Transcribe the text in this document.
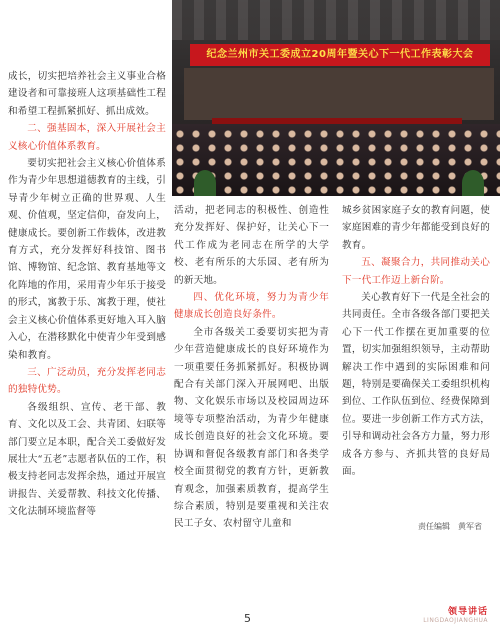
纪念兰州市关工委成立20周年暨关心下一代工作表彰大会

成长，切实把培养社会主义事业合格建设者和可靠接班人这项基础性工程和希望工程抓紧抓好、抓出成效。

二、强基固本，深入开展社会主义核心价值体系教育。

要切实把社会主义核心价值体系作为青少年思想道德教育的主线，引导青少年树立正确的世界观、人生观、价值观，坚定信仰，奋发向上，健康成长。要创新工作载体，改进教育方式，充分发挥好科技馆、图书馆、博物馆、纪念馆、教育基地等文化阵地的作用，采用青少年乐于接受的形式，寓教于乐、寓教于理，使社会主义核心价值体系更好地入耳入脑入心，在潜移默化中使青少年受到感染和教育。

三、广泛动员，充分发挥老同志的独特优势。

各级组织、宣传、老干部、教育、文化以及工会、共青团、妇联等部门要立足本职，配合关工委做好发展壮大“五老”志愿者队伍的工作，积极支持老同志发挥余热，通过开展宣讲报告、关爱帮教、科技文化传播、文化法制环境监督等

活动，把老同志的积极性、创造性充分发挥好、保护好，让关心下一代工作成为老同志在所学的大学校、老有所乐的大乐园、老有所为的新天地。

四、优化环境，努力为青少年健康成长创造良好条件。

全市各级关工委要切实把为青少年营造健康成长的良好环境作为一项重要任务抓紧抓好。积极协调配合有关部门深入开展网吧、出版物、文化娱乐市场以及校园周边环境等专项整治活动，为青少年健康成长创造良好的社会文化环境。要协调和督促各级教育部门和各类学校全面贯彻党的教育方针，更新教育观念，加强素质教育，提高学生综合素质，特别是要重视和关注农民工子女、农村留守儿童和

城乡贫困家庭子女的教育问题，使家庭困难的青少年都能受到良好的教育。

五、凝聚合力，共同推动关心下一代工作迈上新台阶。

关心教育好下一代是全社会的共同责任。全市各级各部门要把关心下一代工作摆在更加重要的位置，切实加强组织领导，主动帮助解决工作中遇到的实际困难和问题，特别是要确保关工委组织机构到位、工作队伍到位、经费保障到位。要进一步创新工作方式方法，引导和调动社会各方力量，努力形成各方参与、齐抓共管的良好局面。

责任编辑　黄军省
5	领导讲话
LINGDAOJIANGHUA
